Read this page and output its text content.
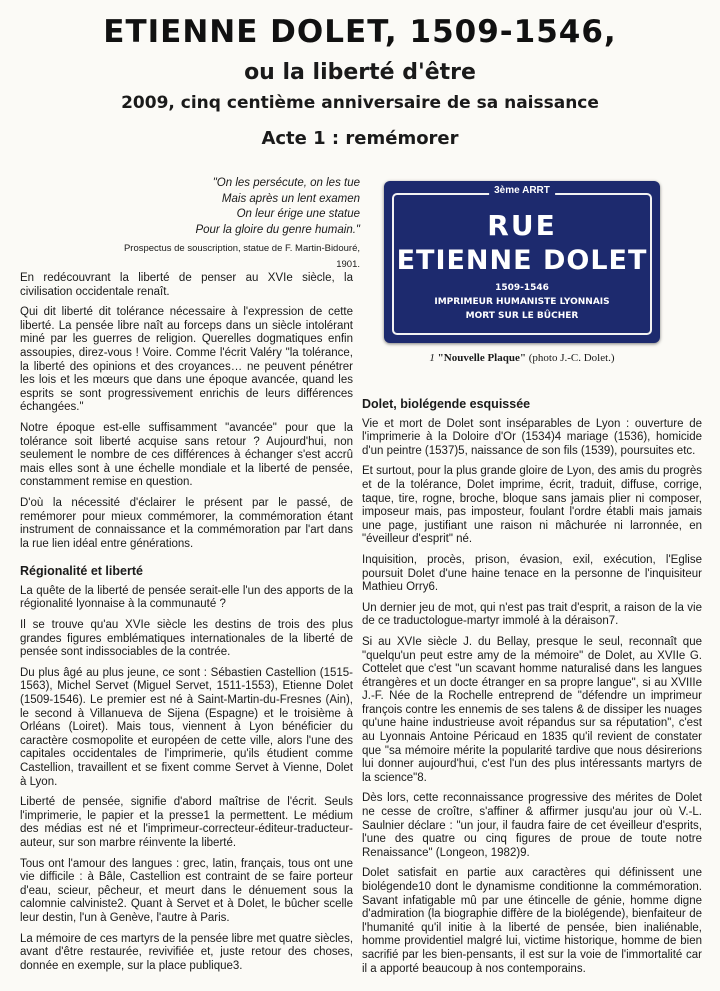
ETIENNE DOLET, 1509-1546,
ou la liberté d'être
2009, cinq centième anniversaire de sa naissance
Acte 1 : remémorer
"On les persécute, on les tue
Mais après un lent examen
On leur érige une statue
Pour la gloire du genre humain."
Prospectus de souscription, statue de F. Martin-Bidouré, 1901.
3ème ARRT
RUE
ETIENNE DOLET
1509-1546
IMPRIMEUR HUMANISTE LYONNAIS
MORT SUR LE BÛCHER
1 "Nouvelle Plaque" (photo J.-C. Dolet.)

En redécouvrant la liberté de penser au XVIe siècle, la civilisation occidentale renaît.

Qui dit liberté dit tolérance nécessaire à l'expression de cette liberté. La pensée libre naît au forceps dans un siècle intolérant miné par les guerres de religion. Querelles dogmatiques enfin assoupies, direz-vous ! Voire. Comme l'écrit Valéry "la tolérance, la liberté des opinions et des croyances… ne peuvent pénétrer les lois et les mœurs que dans une époque avancée, quand les esprits se sont progressivement enrichis de leurs différences échangées."

Notre époque est-elle suffisamment "avancée" pour que la tolérance soit liberté acquise sans retour ? Aujourd'hui, non seulement le nombre de ces différences à échanger s'est accrû mais elles sont à une échelle mondiale et la liberté de pensée, constamment remise en question.

D'où la nécessité d'éclairer le présent par le passé, de remémorer pour mieux commémorer, la commémoration étant instrument de connaissance et la commémoration par l'art dans la rue lien idéal entre générations.

Régionalité et liberté

La quête de la liberté de pensée serait-elle l'un des apports de la régionalité lyonnaise à la communauté ?

Il se trouve qu'au XVIe siècle les destins de trois des plus grandes figures emblématiques internationales de la liberté de pensée sont indissociables de la contrée.

Du plus âgé au plus jeune, ce sont : Sébastien Castellion (1515-1563), Michel Servet (Miguel Servet, 1511-1553), Etienne Dolet (1509-1546). Le premier est né à Saint-Martin-du-Fresnes (Ain), le second à Villanueva de Sijena (Espagne) et le troisième à Orléans (Loiret). Mais tous, viennent à Lyon bénéficier du caractère cosmopolite et européen de cette ville, alors l'une des capitales occidentales de l'imprimerie, qu'ils étudient comme Castellion, travaillent et se fixent comme Servet à Vienne, Dolet à Lyon.

Liberté de pensée, signifie d'abord maîtrise de l'écrit. Seuls l'imprimerie, le papier et la presse1 la permettent. Le médium des médias est né et l'imprimeur-correcteur-éditeur-traducteur-auteur, sur son marbre réinvente la liberté.

Tous ont l'amour des langues : grec, latin, français, tous ont une vie difficile : à Bâle, Castellion est contraint de se faire porteur d'eau, scieur, pêcheur, et meurt dans le dénuement sous la calomnie calviniste2. Quant à Servet et à Dolet, le bûcher scelle leur destin, l'un à Genève, l'autre à Paris.

La mémoire de ces martyrs de la pensée libre met quatre siècles, avant d'être restaurée, revivifiée et, juste retour des choses, donnée en exemple, sur la place publique3.

Dolet, biolégende esquissée

Vie et mort de Dolet sont inséparables de Lyon : ouverture de l'imprimerie à la Doloire d'Or (1534)4 mariage (1536), homicide d'un peintre (1537)5, naissance de son fils (1539), poursuites etc.

Et surtout, pour la plus grande gloire de Lyon, des amis du progrès et de la tolérance, Dolet imprime, écrit, traduit, diffuse, corrige, taque, tire, rogne, broche, bloque sans jamais plier ni composer, imposeur mais, pas imposteur, foulant l'ordre établi mais jamais une page, justifiant une raison ni mâchurée ni larronnée, en "éveilleur d'esprit" né.

Inquisition, procès, prison, évasion, exil, exécution, l'Eglise poursuit Dolet d'une haine tenace en la personne de l'inquisiteur Mathieu Orry6.

Un dernier jeu de mot, qui n'est pas trait d'esprit, a raison de la vie de ce traductologue-martyr immolé à la déraison7.

Si au XVIe siècle J. du Bellay, presque le seul, reconnaît que "quelqu'un peut estre amy de la mémoire" de Dolet, au XVIIe G. Cottelet que c'est "un scavant homme naturalisé dans les langues étrangères et un docte étranger en sa propre langue", si au XVIIIe J.-F. Née de la Rochelle entreprend de "défendre un imprimeur françois contre les ennemis de ses talens & de dissiper les nuages qu'une haine industrieuse avoit répandus sur sa réputation", c'est au Lyonnais Antoine Péricaud en 1835 qu'il revient de constater que "sa mémoire mérite la popularité tardive que nous désirerions lui donner aujourd'hui, c'est l'un des plus intéressants martyrs de la science"8.

Dès lors, cette reconnaissance progressive des mérites de Dolet ne cesse de croître, s'affiner & affirmer jusqu'au jour où V.-L. Saulnier déclare : "un jour, il faudra faire de cet éveilleur d'esprits, l'une des quatre ou cinq figures de proue de toute notre Renaissance" (Longeon, 1982)9.

Dolet satisfait en partie aux caractères qui définissent une biolégende10 dont le dynamisme conditionne la commémoration. Savant infatigable mû par une étincelle de génie, homme digne d'admiration (la biographie diffère de la biolégende), bienfaiteur de l'humanité qu'il initie à la liberté de pensée, bien inaliénable, homme providentiel malgré lui, victime historique, homme de bien sacrifié par les bien-pensants, il est sur la voie de l'immortalité car il a apporté beaucoup à nos contemporains.
